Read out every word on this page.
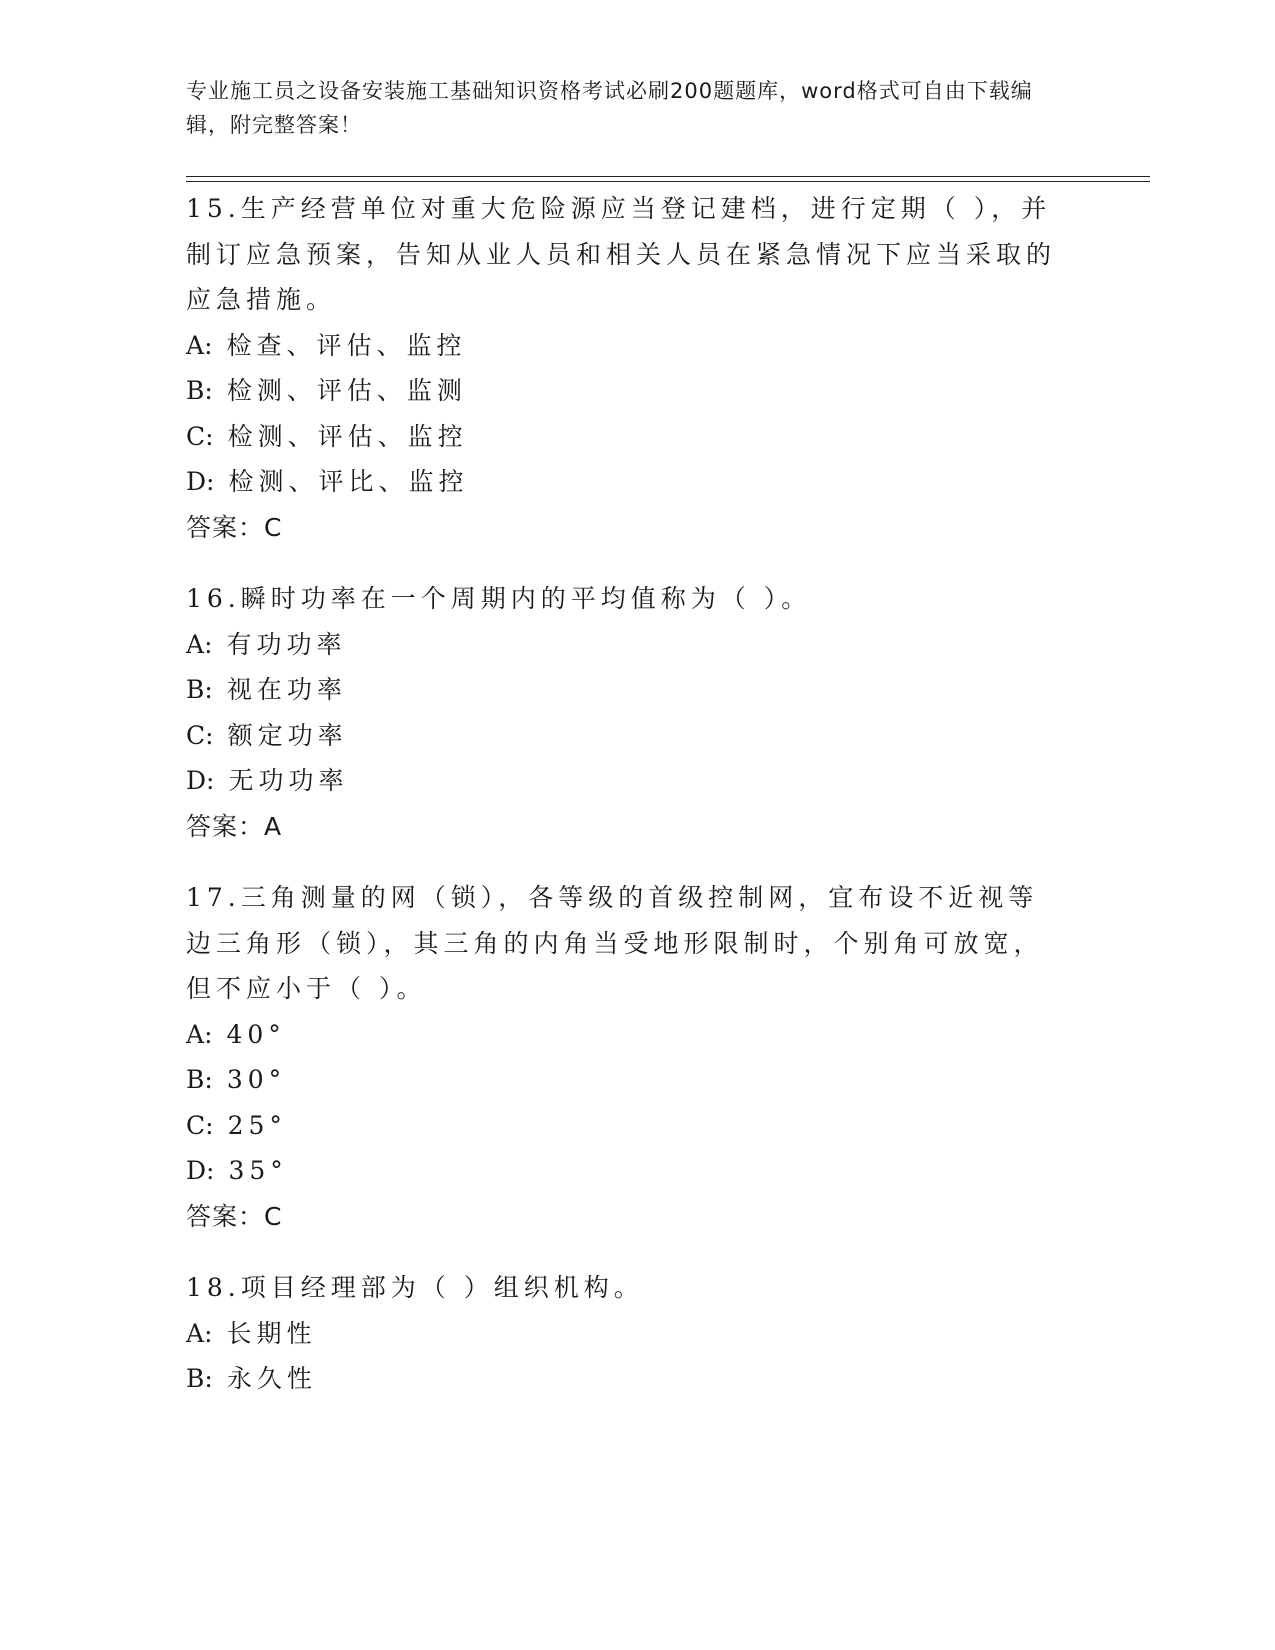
专业施工员之设备安装施工基础知识资格考试必刷200题题库，word格式可自由下载编辑，附完整答案！

15.生产经营单位对重大危险源应当登记建档，进行定期（ ），并制订应急预案，告知从业人员和相关人员在紧急情况下应当采取的应急措施。

A: 检查、评估、监控

B: 检测、评估、监测

C: 检测、评估、监控

D: 检测、评比、监控

答案：C

16.瞬时功率在一个周期内的平均值称为（ ）。

A: 有功功率

B: 视在功率

C: 额定功率

D: 无功功率

答案：A

17.三角测量的网（锁），各等级的首级控制网，宜布设不近视等边三角形（锁），其三角的内角当受地形限制时，个别角可放宽，但不应小于（ ）。

A: 40°

B: 30°

C: 25°

D: 35°

答案：C

18.项目经理部为（ ）组织机构。

A: 长期性

B: 永久性
